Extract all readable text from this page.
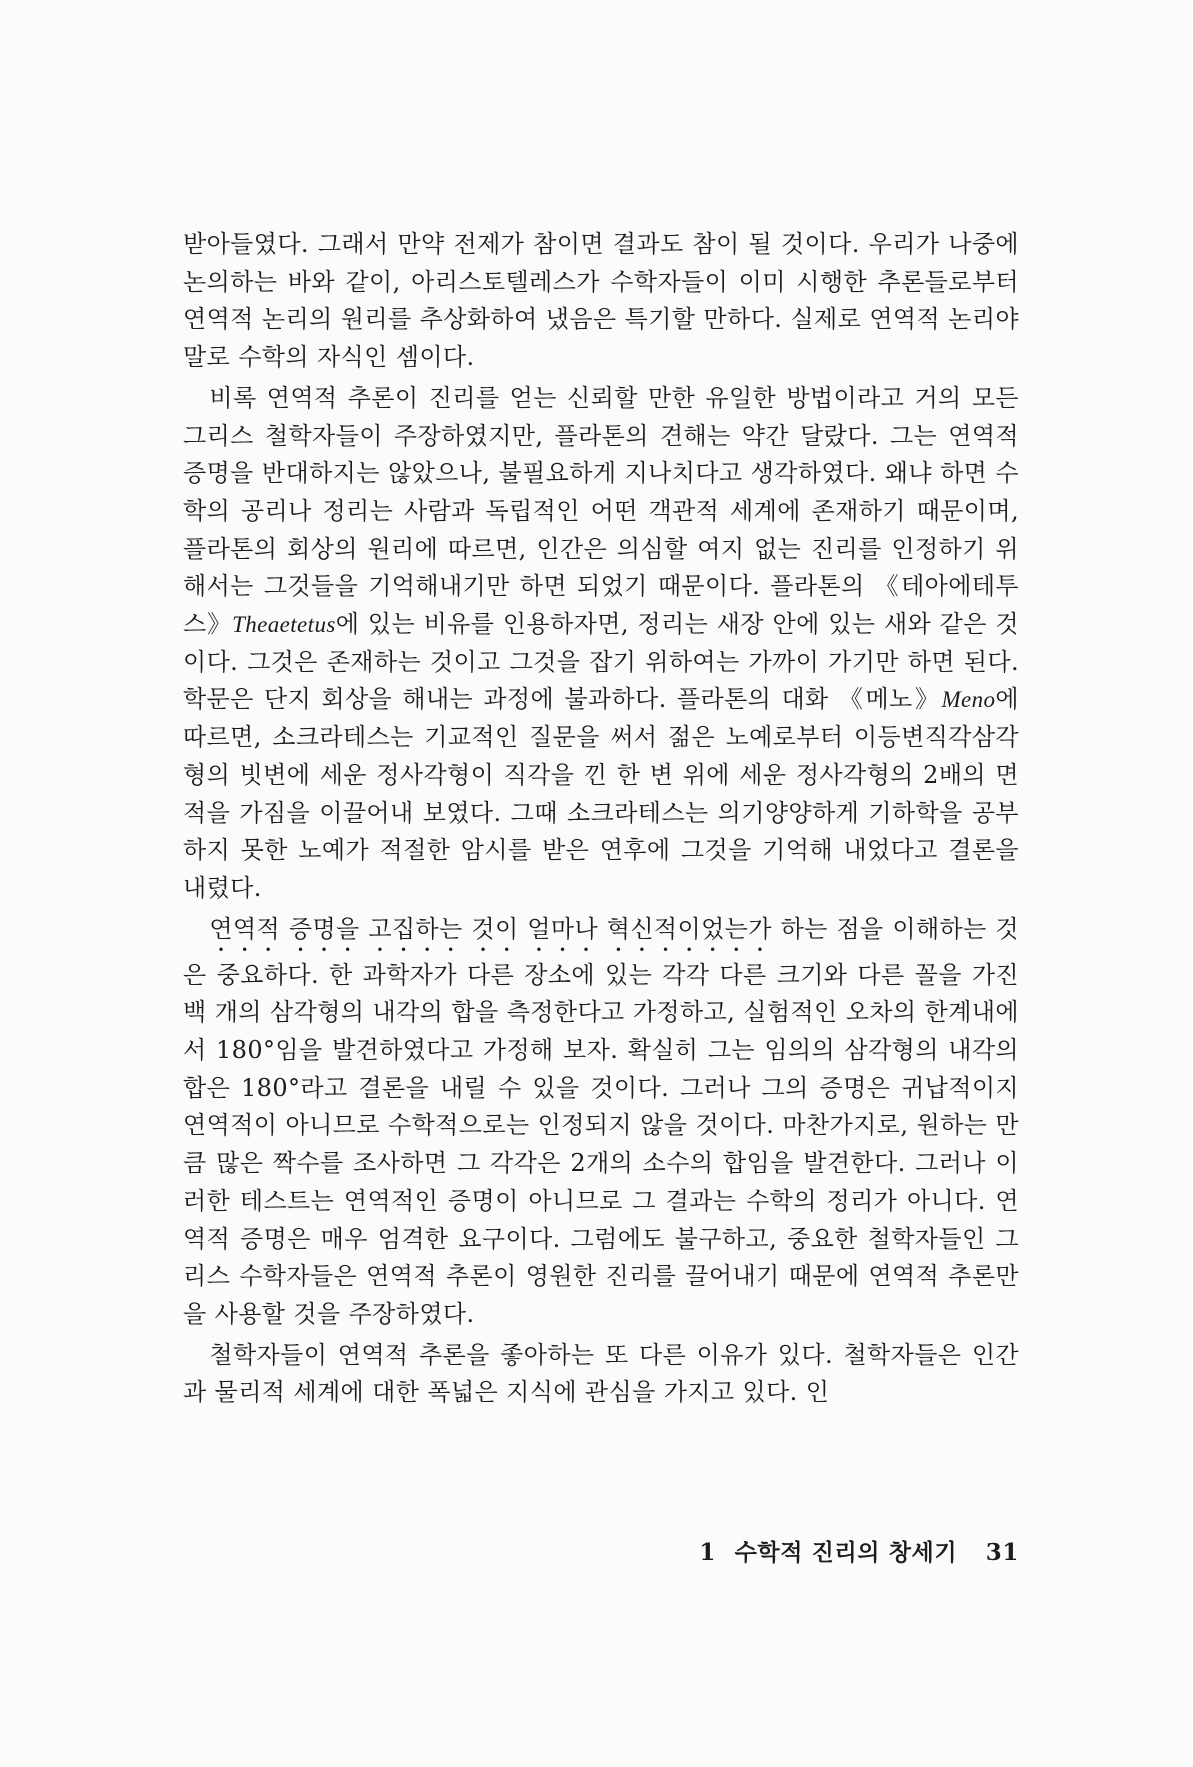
받아들였다. 그래서 만약 전제가 참이면 결과도 참이 될 것이다. 우리가 나중에 논의하는 바와 같이, 아리스토텔레스가 수학자들이 이미 시행한 추론들로부터 연역적 논리의 원리를 추상화하여 냈음은 특기할 만하다. 실제로 연역적 논리야말로 수학의 자식인 셈이다.

비록 연역적 추론이 진리를 얻는 신뢰할 만한 유일한 방법이라고 거의 모든 그리스 철학자들이 주장하였지만, 플라톤의 견해는 약간 달랐다. 그는 연역적 증명을 반대하지는 않았으나, 불필요하게 지나치다고 생각하였다. 왜냐 하면 수학의 공리나 정리는 사람과 독립적인 어떤 객관적 세계에 존재하기 때문이며, 플라톤의 회상의 원리에 따르면, 인간은 의심할 여지 없는 진리를 인정하기 위해서는 그것들을 기억해내기만 하면 되었기 때문이다. 플라톤의 《테아에테투스》Theaetetus에 있는 비유를 인용하자면, 정리는 새장 안에 있는 새와 같은 것이다. 그것은 존재하는 것이고 그것을 잡기 위하여는 가까이 가기만 하면 된다. 학문은 단지 회상을 해내는 과정에 불과하다. 플라톤의 대화 《메노》Meno에 따르면, 소크라테스는 기교적인 질문을 써서 젊은 노예로부터 이등변직각삼각형의 빗변에 세운 정사각형이 직각을 낀 한 변 위에 세운 정사각형의 2배의 면적을 가짐을 이끌어내 보였다. 그때 소크라테스는 의기양양하게 기하학을 공부하지 못한 노예가 적절한 암시를 받은 연후에 그것을 기억해 내었다고 결론을 내렸다.

연역적 증명을 고집하는 것이 얼마나 혁신적이었는가 하는 점을 이해하는 것은 중요하다. 한 과학자가 다른 장소에 있는 각각 다른 크기와 다른 꼴을 가진 백 개의 삼각형의 내각의 합을 측정한다고 가정하고, 실험적인 오차의 한계내에서 180°임을 발견하였다고 가정해 보자. 확실히 그는 임의의 삼각형의 내각의 합은 180°라고 결론을 내릴 수 있을 것이다. 그러나 그의 증명은 귀납적이지 연역적이 아니므로 수학적으로는 인정되지 않을 것이다. 마찬가지로, 원하는 만큼 많은 짝수를 조사하면 그 각각은 2개의 소수의 합임을 발견한다. 그러나 이러한 테스트는 연역적인 증명이 아니므로 그 결과는 수학의 정리가 아니다. 연역적 증명은 매우 엄격한 요구이다. 그럼에도 불구하고, 중요한 철학자들인 그리스 수학자들은 연역적 추론이 영원한 진리를 끌어내기 때문에 연역적 추론만을 사용할 것을 주장하였다.

철학자들이 연역적 추론을 좋아하는 또 다른 이유가 있다. 철학자들은 인간과 물리적 세계에 대한 폭넓은 지식에 관심을 가지고 있다. 인

1 수학적 진리의 창세기 31
